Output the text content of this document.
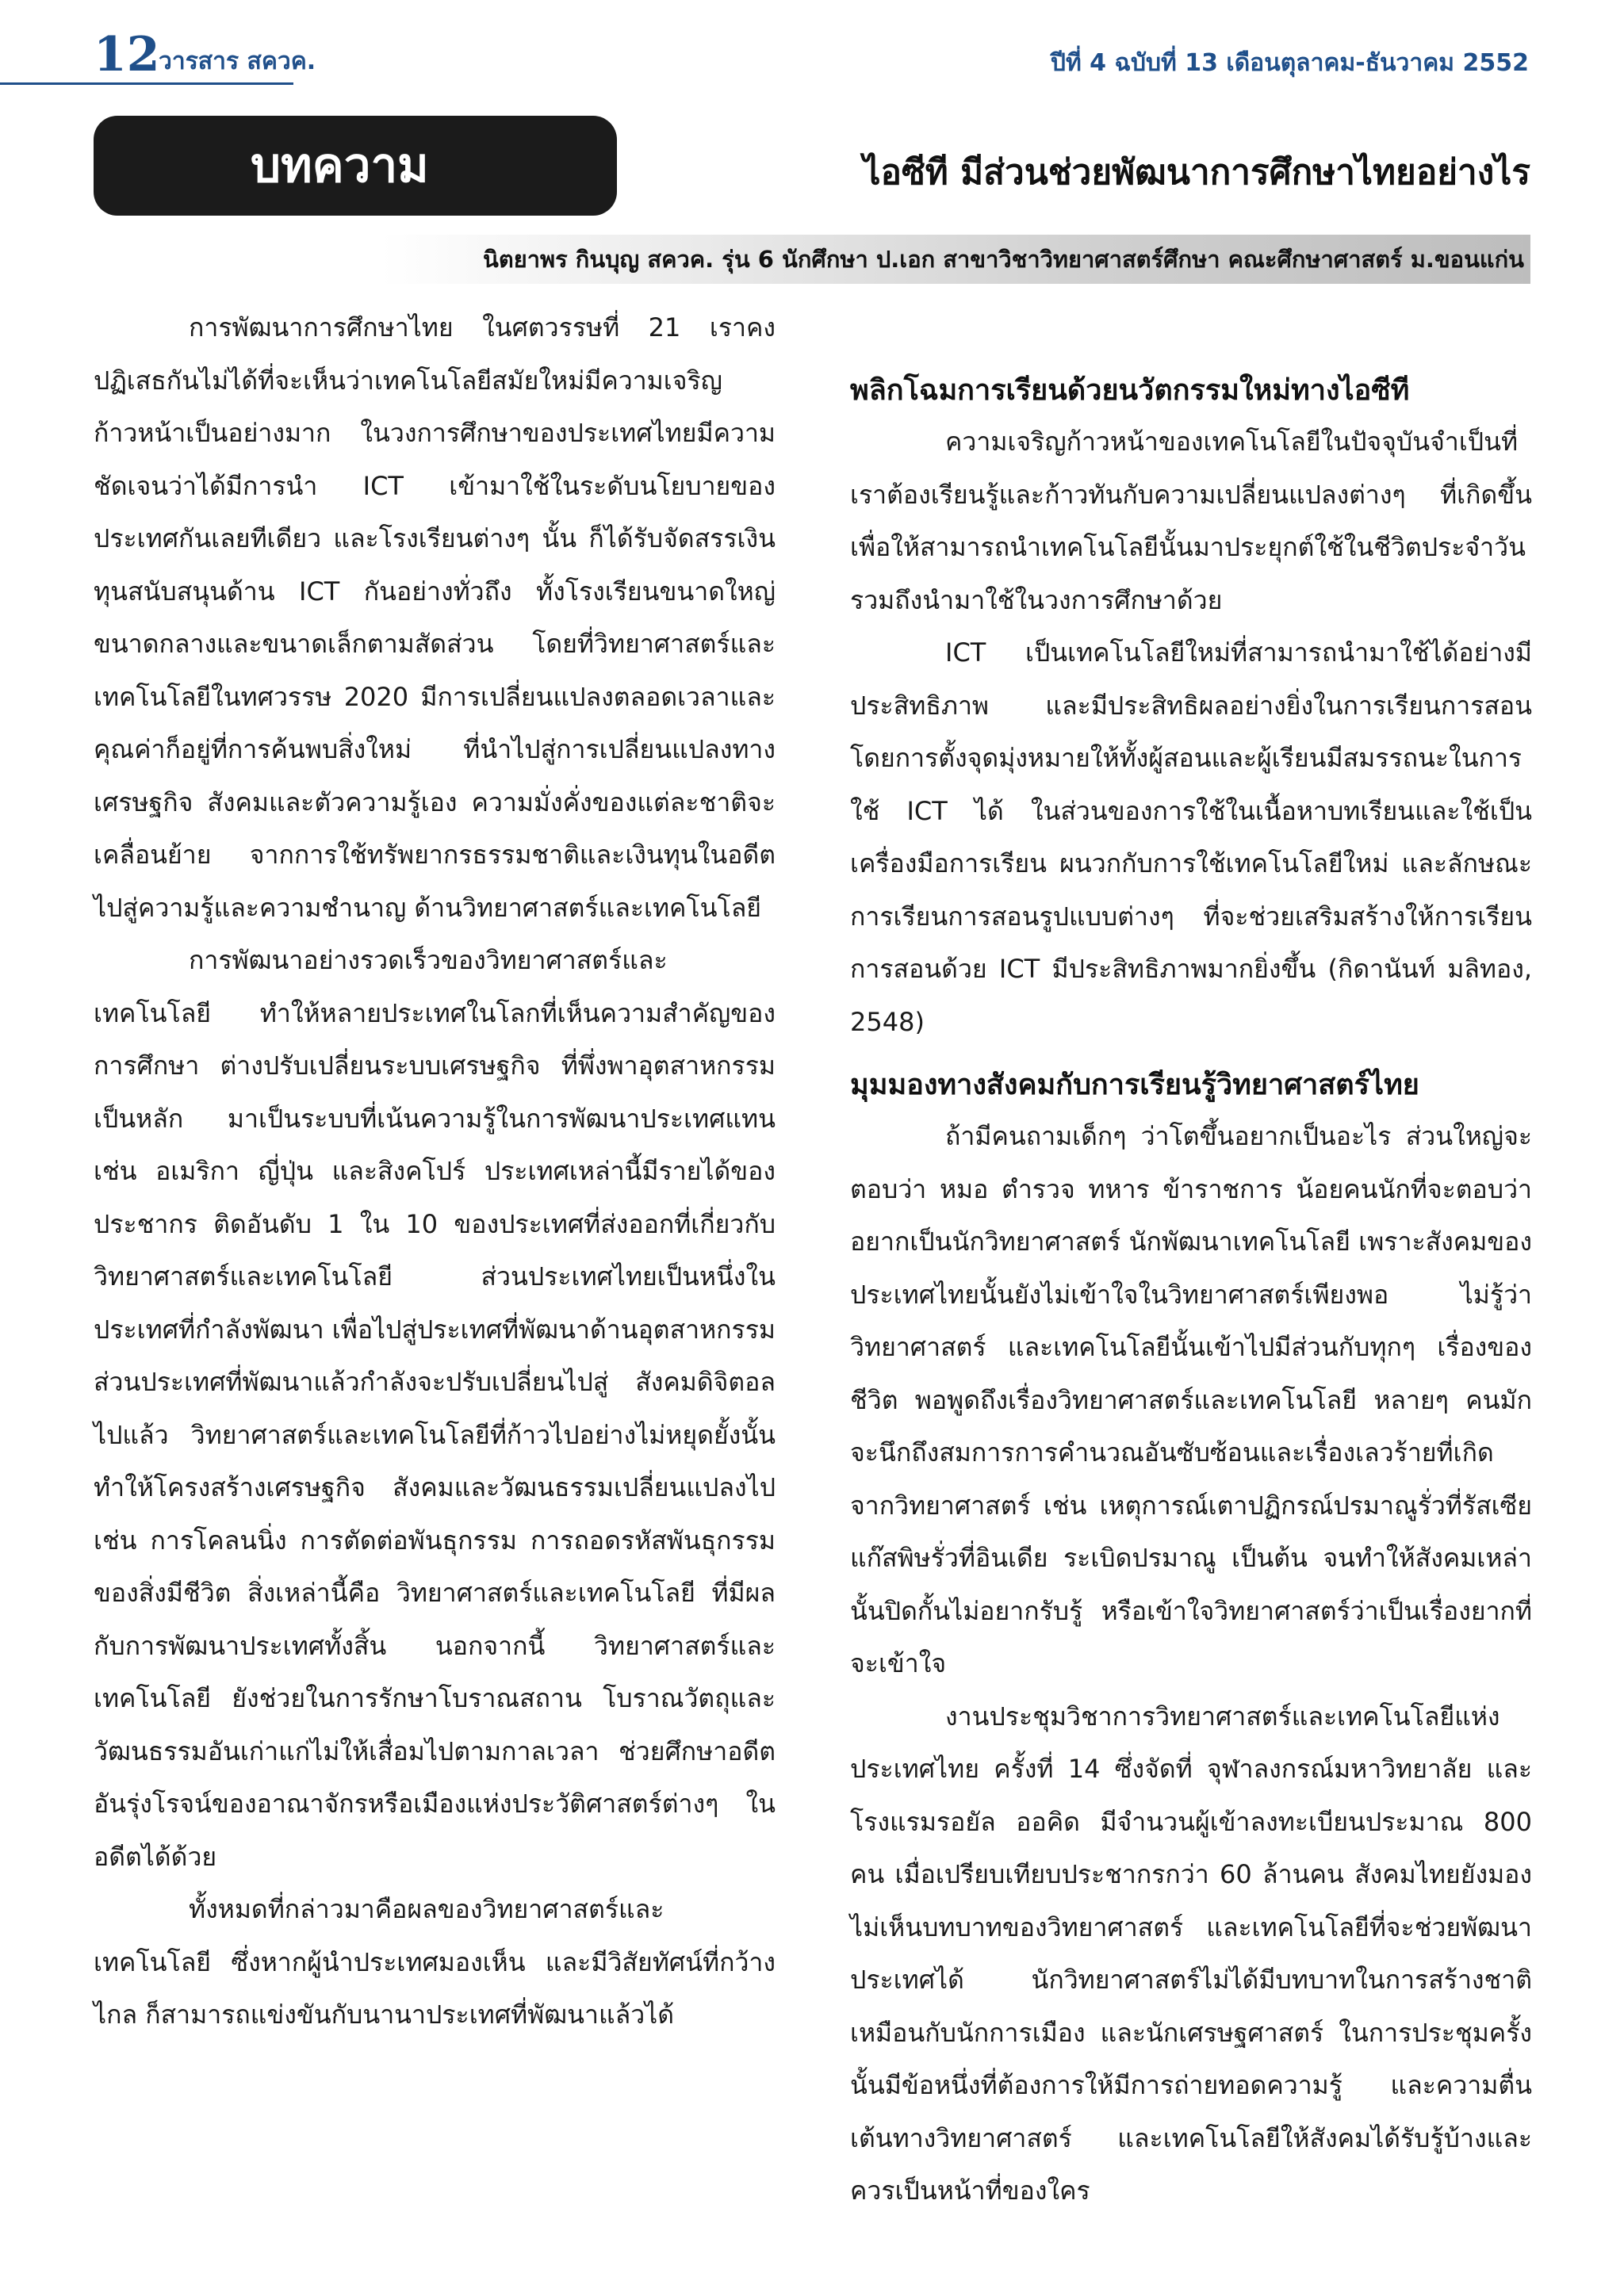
12
วารสาร สควค.	ปีที่ 4 ฉบับที่ 13 เดือนตุลาคม-ธันวาคม 2552
บทความ	ไอซีที มีส่วนช่วยพัฒนาการศึกษาไทยอย่างไร
นิตยาพร กินบุญ สควค. รุ่น 6 นักศึกษา ป.เอก สาขาวิชาวิทยาศาสตร์ศึกษา คณะศึกษาศาสตร์ ม.ขอนแก่น

การพัฒนาการศึกษาไทย ในศตวรรษที่ 21 เราคงปฏิเสธกันไม่ได้ที่จะเห็นว่าเทคโนโลยีสมัยใหม่มีความเจริญก้าวหน้าเป็นอย่างมาก ในวงการศึกษาของประเทศไทยมีความชัดเจนว่าได้มีการนำ ICT เข้ามาใช้ในระดับนโยบายของประเทศกันเลยทีเดียว และโรงเรียนต่างๆ นั้น ก็ได้รับจัดสรรเงินทุนสนับสนุนด้าน ICT กันอย่างทั่วถึง ทั้งโรงเรียนขนาดใหญ่ขนาดกลางและขนาดเล็กตามสัดส่วน โดยที่วิทยาศาสตร์และเทคโนโลยีในทศวรรษ 2020 มีการเปลี่ยนแปลงตลอดเวลาและคุณค่าก็อยู่ที่การค้นพบสิ่งใหม่ ที่นำไปสู่การเปลี่ยนแปลงทางเศรษฐกิจ สังคมและตัวความรู้เอง ความมั่งคั่งของแต่ละชาติจะเคลื่อนย้าย จากการใช้ทรัพยากรธรรมชาติและเงินทุนในอดีต ไปสู่ความรู้และความชำนาญ ด้านวิทยาศาสตร์และเทคโนโลยี

การพัฒนาอย่างรวดเร็วของวิทยาศาสตร์และเทคโนโลยี ทำให้หลายประเทศในโลกที่เห็นความสำคัญของการศึกษา ต่างปรับเปลี่ยนระบบเศรษฐกิจ ที่พึ่งพาอุตสาหกรรมเป็นหลัก มาเป็นระบบที่เน้นความรู้ในการพัฒนาประเทศแทน เช่น อเมริกา ญี่ปุ่น และสิงคโปร์ ประเทศเหล่านี้มีรายได้ของประชากร ติดอันดับ 1 ใน 10 ของประเทศที่ส่งออกที่เกี่ยวกับวิทยาศาสตร์และเทคโนโลยี ส่วนประเทศไทยเป็นหนึ่งในประเทศที่กำลังพัฒนา เพื่อไปสู่ประเทศที่พัฒนาด้านอุตสาหกรรม ส่วนประเทศที่พัฒนาแล้วกำลังจะปรับเปลี่ยนไปสู่ สังคมดิจิตอลไปแล้ว วิทยาศาสตร์และเทคโนโลยีที่ก้าวไปอย่างไม่หยุดยั้งนั้นทำให้โครงสร้างเศรษฐกิจ สังคมและวัฒนธรรมเปลี่ยนแปลงไป เช่น การโคลนนิ่ง การตัดต่อพันธุกรรม การถอดรหัสพันธุกรรมของสิ่งมีชีวิต สิ่งเหล่านี้คือ วิทยาศาสตร์และเทคโนโลยี ที่มีผลกับการพัฒนาประเทศทั้งสิ้น นอกจากนี้ วิทยาศาสตร์และเทคโนโลยี ยังช่วยในการรักษาโบราณสถาน โบราณวัตถุและวัฒนธรรมอันเก่าแก่ไม่ให้เสื่อมไปตามกาลเวลา ช่วยศึกษาอดีตอันรุ่งโรจน์ของอาณาจักรหรือเมืองแห่งประวัติศาสตร์ต่างๆ ในอดีตได้ด้วย

ทั้งหมดที่กล่าวมาคือผลของวิทยาศาสตร์และเทคโนโลยี ซึ่งหากผู้นำประเทศมองเห็น และมีวิสัยทัศน์ที่กว้างไกล ก็สามารถแข่งขันกับนานาประเทศที่พัฒนาแล้วได้

พลิกโฉมการเรียนด้วยนวัตกรรมใหม่ทางไอซีที

ความเจริญก้าวหน้าของเทคโนโลยีในปัจจุบันจำเป็นที่เราต้องเรียนรู้และก้าวทันกับความเปลี่ยนแปลงต่างๆ ที่เกิดขึ้น เพื่อให้สามารถนำเทคโนโลยีนั้นมาประยุกต์ใช้ในชีวิตประจำวัน รวมถึงนำมาใช้ในวงการศึกษาด้วย

ICT เป็นเทคโนโลยีใหม่ที่สามารถนำมาใช้ได้อย่างมีประสิทธิภาพ และมีประสิทธิผลอย่างยิ่งในการเรียนการสอน โดยการตั้งจุดมุ่งหมายให้ทั้งผู้สอนและผู้เรียนมีสมรรถนะในการใช้ ICT ได้ ในส่วนของการใช้ในเนื้อหาบทเรียนและใช้เป็นเครื่องมือการเรียน ผนวกกับการใช้เทคโนโลยีใหม่ และลักษณะการเรียนการสอนรูปแบบต่างๆ ที่จะช่วยเสริมสร้างให้การเรียนการสอนด้วย ICT มีประสิทธิภาพมากยิ่งขึ้น (กิดานันท์ มลิทอง, 2548)

มุมมองทางสังคมกับการเรียนรู้วิทยาศาสตร์ไทย

ถ้ามีคนถามเด็กๆ ว่าโตขึ้นอยากเป็นอะไร ส่วนใหญ่จะตอบว่า หมอ ตำรวจ ทหาร ข้าราชการ น้อยคนนักที่จะตอบว่าอยากเป็นนักวิทยาศาสตร์ นักพัฒนาเทคโนโลยี เพราะสังคมของประเทศไทยนั้นยังไม่เข้าใจในวิทยาศาสตร์เพียงพอ ไม่รู้ว่าวิทยาศาสตร์ และเทคโนโลยีนั้นเข้าไปมีส่วนกับทุกๆ เรื่องของชีวิต พอพูดถึงเรื่องวิทยาศาสตร์และเทคโนโลยี หลายๆ คนมักจะนึกถึงสมการการคำนวณอันซับซ้อนและเรื่องเลวร้ายที่เกิดจากวิทยาศาสตร์ เช่น เหตุการณ์เตาปฏิกรณ์ปรมาณูรั่วที่รัสเซีย แก๊สพิษรั่วที่อินเดีย ระเบิดปรมาณู เป็นต้น จนทำให้สังคมเหล่านั้นปิดกั้นไม่อยากรับรู้ หรือเข้าใจวิทยาศาสตร์ว่าเป็นเรื่องยากที่จะเข้าใจ

งานประชุมวิชาการวิทยาศาสตร์และเทคโนโลยีแห่งประเทศไทย ครั้งที่ 14 ซึ่งจัดที่ จุฬาลงกรณ์มหาวิทยาลัย และโรงแรมรอยัล ออคิด มีจำนวนผู้เข้าลงทะเบียนประมาณ 800 คน เมื่อเปรียบเทียบประชากรกว่า 60 ล้านคน สังคมไทยยังมองไม่เห็นบทบาทของวิทยาศาสตร์ และเทคโนโลยีที่จะช่วยพัฒนาประเทศได้ นักวิทยาศาสตร์ไม่ได้มีบทบาทในการสร้างชาติ เหมือนกับนักการเมือง และนักเศรษฐศาสตร์ ในการประชุมครั้งนั้นมีข้อหนึ่งที่ต้องการให้มีการถ่ายทอดความรู้ และความตื่นเต้นทางวิทยาศาสตร์ และเทคโนโลยีให้สังคมได้รับรู้บ้างและควรเป็นหน้าที่ของใคร
